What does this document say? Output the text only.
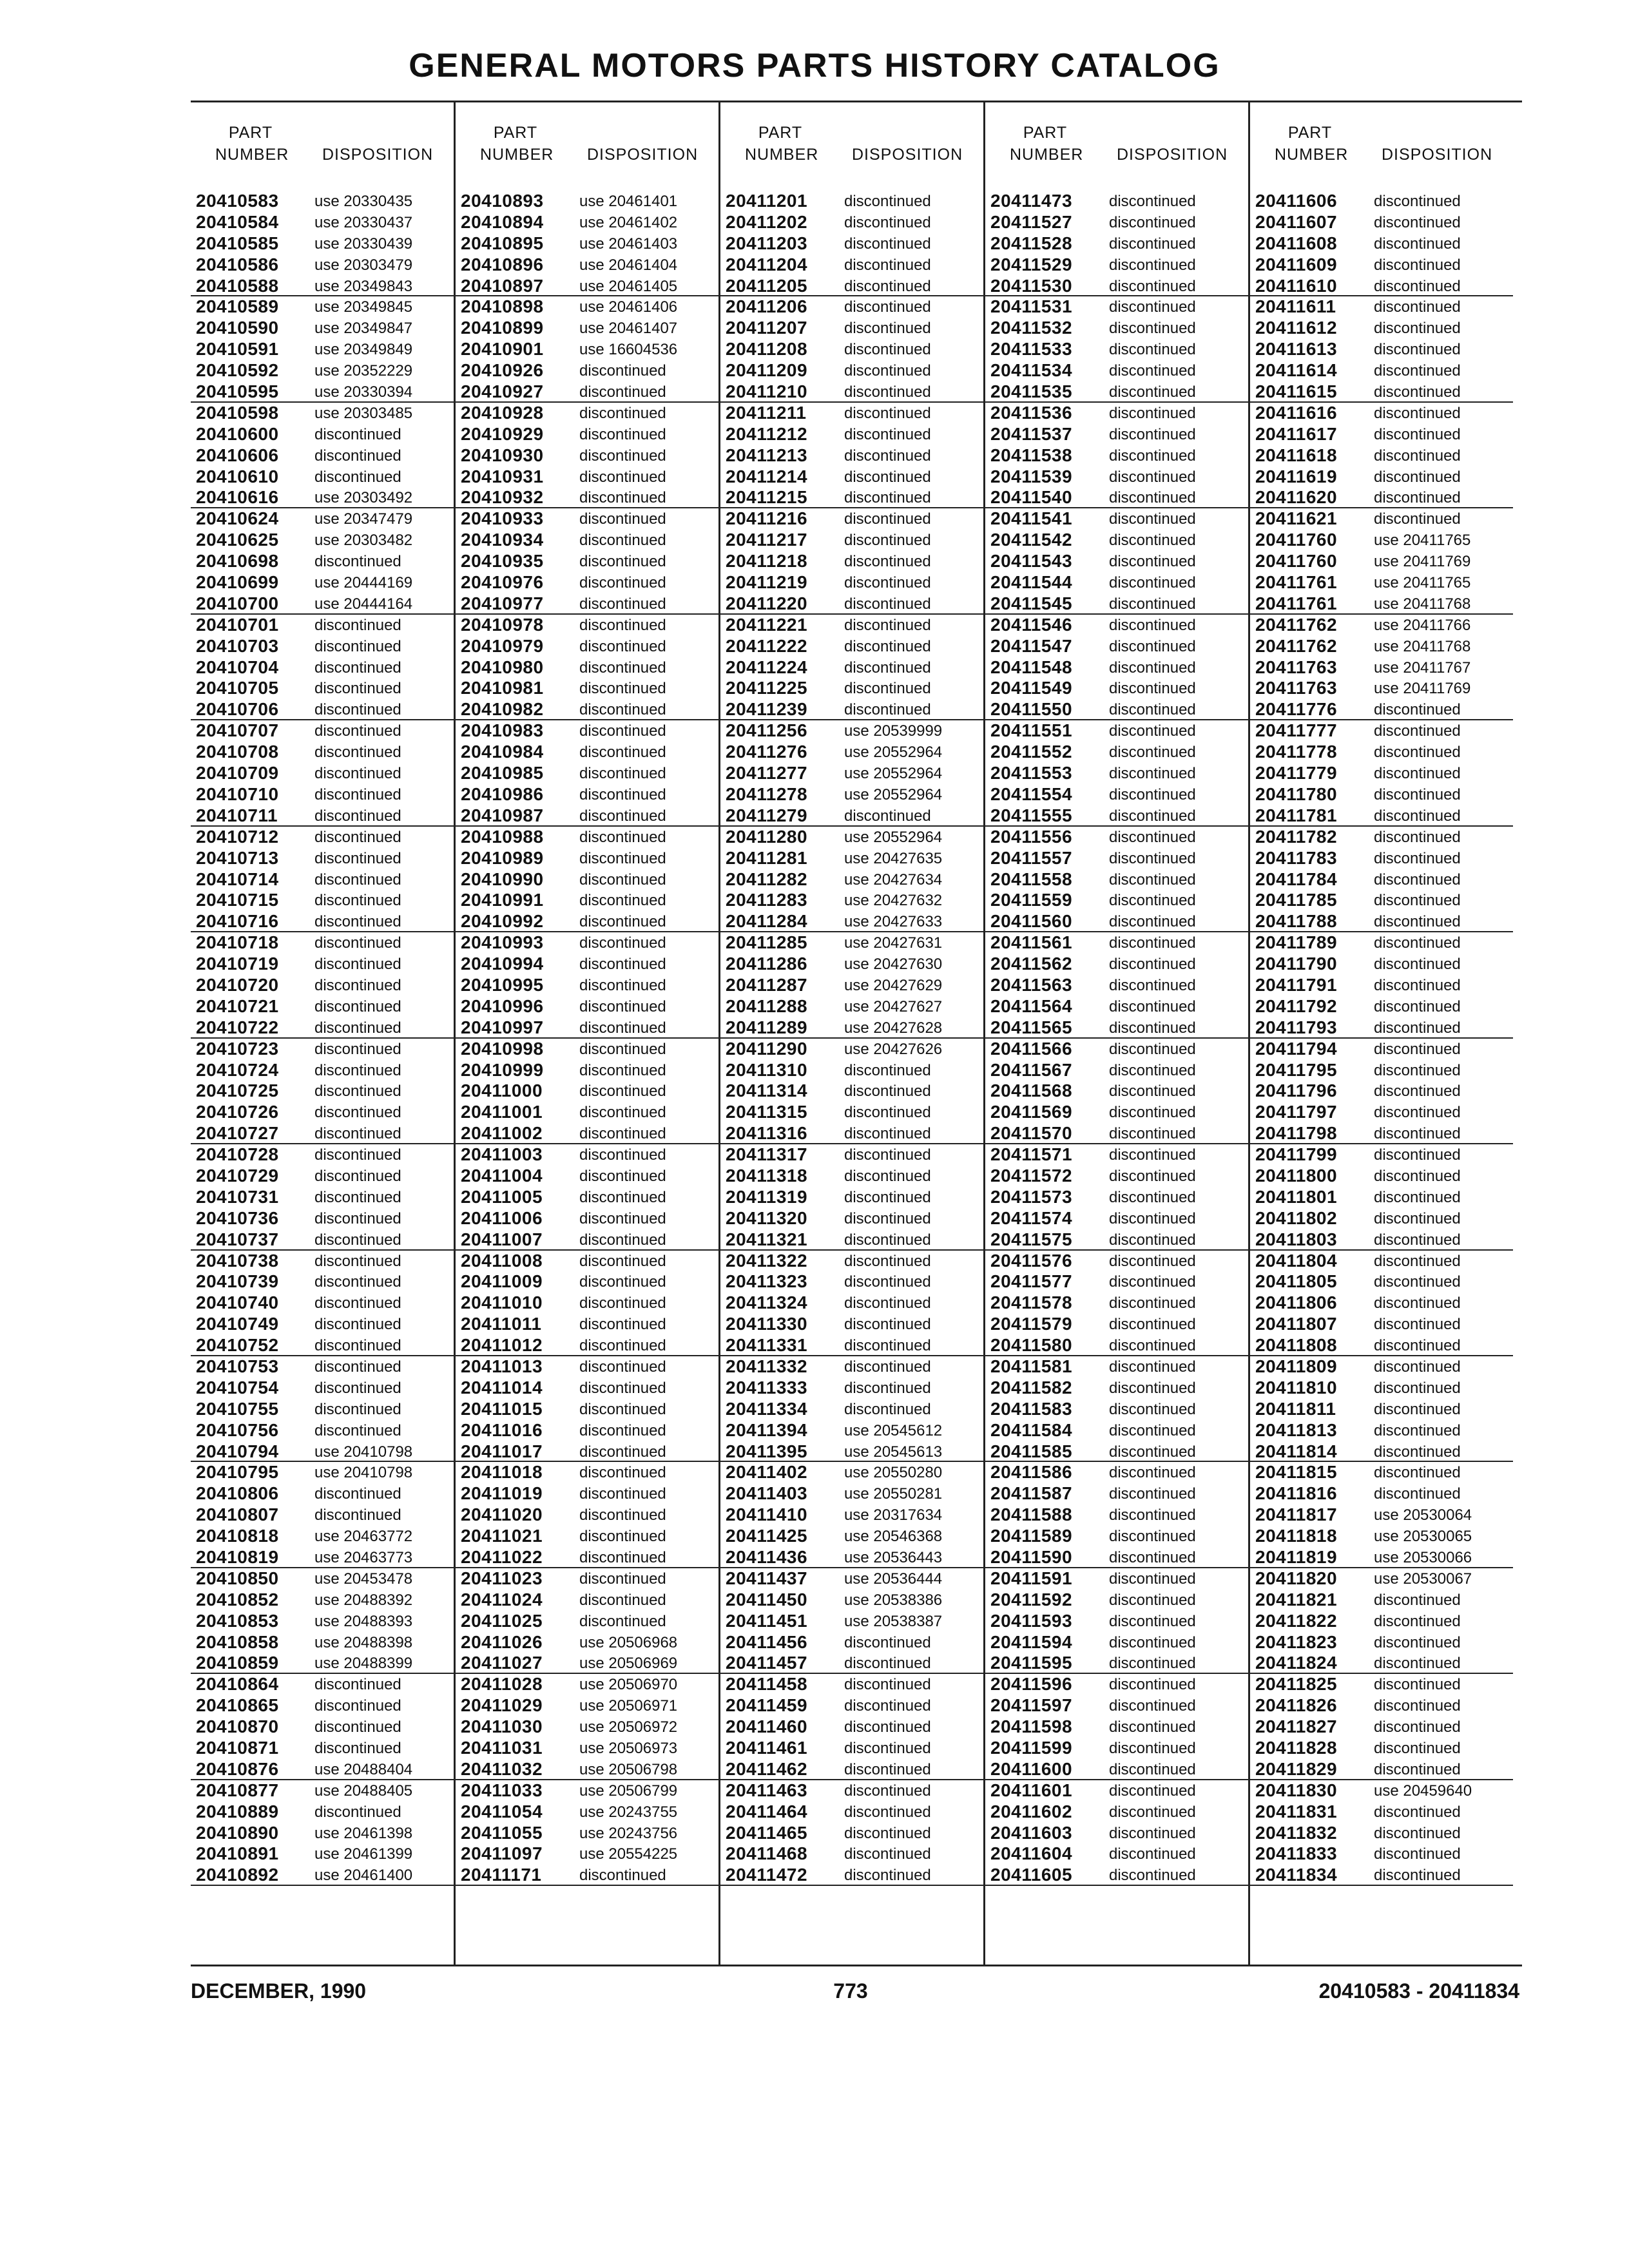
GENERAL MOTORS PARTS HISTORY CATALOG
PART
NUMBER DISPOSITION
20410583 use 20330435
20410584 use 20330437
20410585 use 20330439
20410586 use 20303479
20410588 use 20349843
20410589 use 20349845
20410590 use 20349847
20410591 use 20349849
20410592 use 20352229
20410595 use 20330394
20410598 use 20303485
20410600 discontinued
20410606 discontinued
20410610 discontinued
20410616 use 20303492
20410624 use 20347479
20410625 use 20303482
20410698 discontinued
20410699 use 20444169
20410700 use 20444164
20410701 discontinued
20410703 discontinued
20410704 discontinued
20410705 discontinued
20410706 discontinued
20410707 discontinued
20410708 discontinued
20410709 discontinued
20410710 discontinued
20410711 discontinued
20410712 discontinued
20410713 discontinued
20410714 discontinued
20410715 discontinued
20410716 discontinued
20410718 discontinued
20410719 discontinued
20410720 discontinued
20410721 discontinued
20410722 discontinued
20410723 discontinued
20410724 discontinued
20410725 discontinued
20410726 discontinued
20410727 discontinued
20410728 discontinued
20410729 discontinued
20410731 discontinued
20410736 discontinued
20410737 discontinued
20410738 discontinued
20410739 discontinued
20410740 discontinued
20410749 discontinued
20410752 discontinued
20410753 discontinued
20410754 discontinued
20410755 discontinued
20410756 discontinued
20410794 use 20410798
20410795 use 20410798
20410806 discontinued
20410807 discontinued
20410818 use 20463772
20410819 use 20463773
20410850 use 20453478
20410852 use 20488392
20410853 use 20488393
20410858 use 20488398
20410859 use 20488399
20410864 discontinued
20410865 discontinued
20410870 discontinued
20410871 discontinued
20410876 use 20488404
20410877 use 20488405
20410889 discontinued
20410890 use 20461398
20410891 use 20461399
20410892 use 20461400
PART
NUMBER DISPOSITION
20410893 use 20461401
20410894 use 20461402
20410895 use 20461403
20410896 use 20461404
20410897 use 20461405
20410898 use 20461406
20410899 use 20461407
20410901 use 16604536
20410926 discontinued
20410927 discontinued
20410928 discontinued
20410929 discontinued
20410930 discontinued
20410931 discontinued
20410932 discontinued
20410933 discontinued
20410934 discontinued
20410935 discontinued
20410976 discontinued
20410977 discontinued
20410978 discontinued
20410979 discontinued
20410980 discontinued
20410981 discontinued
20410982 discontinued
20410983 discontinued
20410984 discontinued
20410985 discontinued
20410986 discontinued
20410987 discontinued
20410988 discontinued
20410989 discontinued
20410990 discontinued
20410991 discontinued
20410992 discontinued
20410993 discontinued
20410994 discontinued
20410995 discontinued
20410996 discontinued
20410997 discontinued
20410998 discontinued
20410999 discontinued
20411000 discontinued
20411001 discontinued
20411002 discontinued
20411003 discontinued
20411004 discontinued
20411005 discontinued
20411006 discontinued
20411007 discontinued
20411008 discontinued
20411009 discontinued
20411010 discontinued
20411011 discontinued
20411012 discontinued
20411013 discontinued
20411014 discontinued
20411015 discontinued
20411016 discontinued
20411017 discontinued
20411018 discontinued
20411019 discontinued
20411020 discontinued
20411021 discontinued
20411022 discontinued
20411023 discontinued
20411024 discontinued
20411025 discontinued
20411026 use 20506968
20411027 use 20506969
20411028 use 20506970
20411029 use 20506971
20411030 use 20506972
20411031 use 20506973
20411032 use 20506798
20411033 use 20506799
20411054 use 20243755
20411055 use 20243756
20411097 use 20554225
20411171 discontinued
PART
NUMBER DISPOSITION
20411201 discontinued
20411202 discontinued
20411203 discontinued
20411204 discontinued
20411205 discontinued
20411206 discontinued
20411207 discontinued
20411208 discontinued
20411209 discontinued
20411210 discontinued
20411211 discontinued
20411212 discontinued
20411213 discontinued
20411214 discontinued
20411215 discontinued
20411216 discontinued
20411217 discontinued
20411218 discontinued
20411219 discontinued
20411220 discontinued
20411221 discontinued
20411222 discontinued
20411224 discontinued
20411225 discontinued
20411239 discontinued
20411256 use 20539999
20411276 use 20552964
20411277 use 20552964
20411278 use 20552964
20411279 discontinued
20411280 use 20552964
20411281 use 20427635
20411282 use 20427634
20411283 use 20427632
20411284 use 20427633
20411285 use 20427631
20411286 use 20427630
20411287 use 20427629
20411288 use 20427627
20411289 use 20427628
20411290 use 20427626
20411310 discontinued
20411314 discontinued
20411315 discontinued
20411316 discontinued
20411317 discontinued
20411318 discontinued
20411319 discontinued
20411320 discontinued
20411321 discontinued
20411322 discontinued
20411323 discontinued
20411324 discontinued
20411330 discontinued
20411331 discontinued
20411332 discontinued
20411333 discontinued
20411334 discontinued
20411394 use 20545612
20411395 use 20545613
20411402 use 20550280
20411403 use 20550281
20411410 use 20317634
20411425 use 20546368
20411436 use 20536443
20411437 use 20536444
20411450 use 20538386
20411451 use 20538387
20411456 discontinued
20411457 discontinued
20411458 discontinued
20411459 discontinued
20411460 discontinued
20411461 discontinued
20411462 discontinued
20411463 discontinued
20411464 discontinued
20411465 discontinued
20411468 discontinued
20411472 discontinued
PART
NUMBER DISPOSITION
20411473 discontinued
20411527 discontinued
20411528 discontinued
20411529 discontinued
20411530 discontinued
20411531 discontinued
20411532 discontinued
20411533 discontinued
20411534 discontinued
20411535 discontinued
20411536 discontinued
20411537 discontinued
20411538 discontinued
20411539 discontinued
20411540 discontinued
20411541 discontinued
20411542 discontinued
20411543 discontinued
20411544 discontinued
20411545 discontinued
20411546 discontinued
20411547 discontinued
20411548 discontinued
20411549 discontinued
20411550 discontinued
20411551 discontinued
20411552 discontinued
20411553 discontinued
20411554 discontinued
20411555 discontinued
20411556 discontinued
20411557 discontinued
20411558 discontinued
20411559 discontinued
20411560 discontinued
20411561 discontinued
20411562 discontinued
20411563 discontinued
20411564 discontinued
20411565 discontinued
20411566 discontinued
20411567 discontinued
20411568 discontinued
20411569 discontinued
20411570 discontinued
20411571 discontinued
20411572 discontinued
20411573 discontinued
20411574 discontinued
20411575 discontinued
20411576 discontinued
20411577 discontinued
20411578 discontinued
20411579 discontinued
20411580 discontinued
20411581 discontinued
20411582 discontinued
20411583 discontinued
20411584 discontinued
20411585 discontinued
20411586 discontinued
20411587 discontinued
20411588 discontinued
20411589 discontinued
20411590 discontinued
20411591 discontinued
20411592 discontinued
20411593 discontinued
20411594 discontinued
20411595 discontinued
20411596 discontinued
20411597 discontinued
20411598 discontinued
20411599 discontinued
20411600 discontinued
20411601 discontinued
20411602 discontinued
20411603 discontinued
20411604 discontinued
20411605 discontinued
PART
NUMBER DISPOSITION
20411606 discontinued
20411607 discontinued
20411608 discontinued
20411609 discontinued
20411610 discontinued
20411611 discontinued
20411612 discontinued
20411613 discontinued
20411614 discontinued
20411615 discontinued
20411616 discontinued
20411617 discontinued
20411618 discontinued
20411619 discontinued
20411620 discontinued
20411621 discontinued
20411760 use 20411765
20411760 use 20411769
20411761 use 20411765
20411761 use 20411768
20411762 use 20411766
20411762 use 20411768
20411763 use 20411767
20411763 use 20411769
20411776 discontinued
20411777 discontinued
20411778 discontinued
20411779 discontinued
20411780 discontinued
20411781 discontinued
20411782 discontinued
20411783 discontinued
20411784 discontinued
20411785 discontinued
20411788 discontinued
20411789 discontinued
20411790 discontinued
20411791 discontinued
20411792 discontinued
20411793 discontinued
20411794 discontinued
20411795 discontinued
20411796 discontinued
20411797 discontinued
20411798 discontinued
20411799 discontinued
20411800 discontinued
20411801 discontinued
20411802 discontinued
20411803 discontinued
20411804 discontinued
20411805 discontinued
20411806 discontinued
20411807 discontinued
20411808 discontinued
20411809 discontinued
20411810 discontinued
20411811 discontinued
20411813 discontinued
20411814 discontinued
20411815 discontinued
20411816 discontinued
20411817 use 20530064
20411818 use 20530065
20411819 use 20530066
20411820 use 20530067
20411821 discontinued
20411822 discontinued
20411823 discontinued
20411824 discontinued
20411825 discontinued
20411826 discontinued
20411827 discontinued
20411828 discontinued
20411829 discontinued
20411830 use 20459640
20411831 discontinued
20411832 discontinued
20411833 discontinued
20411834 discontinued
DECEMBER, 1990	773	20410583 - 20411834
